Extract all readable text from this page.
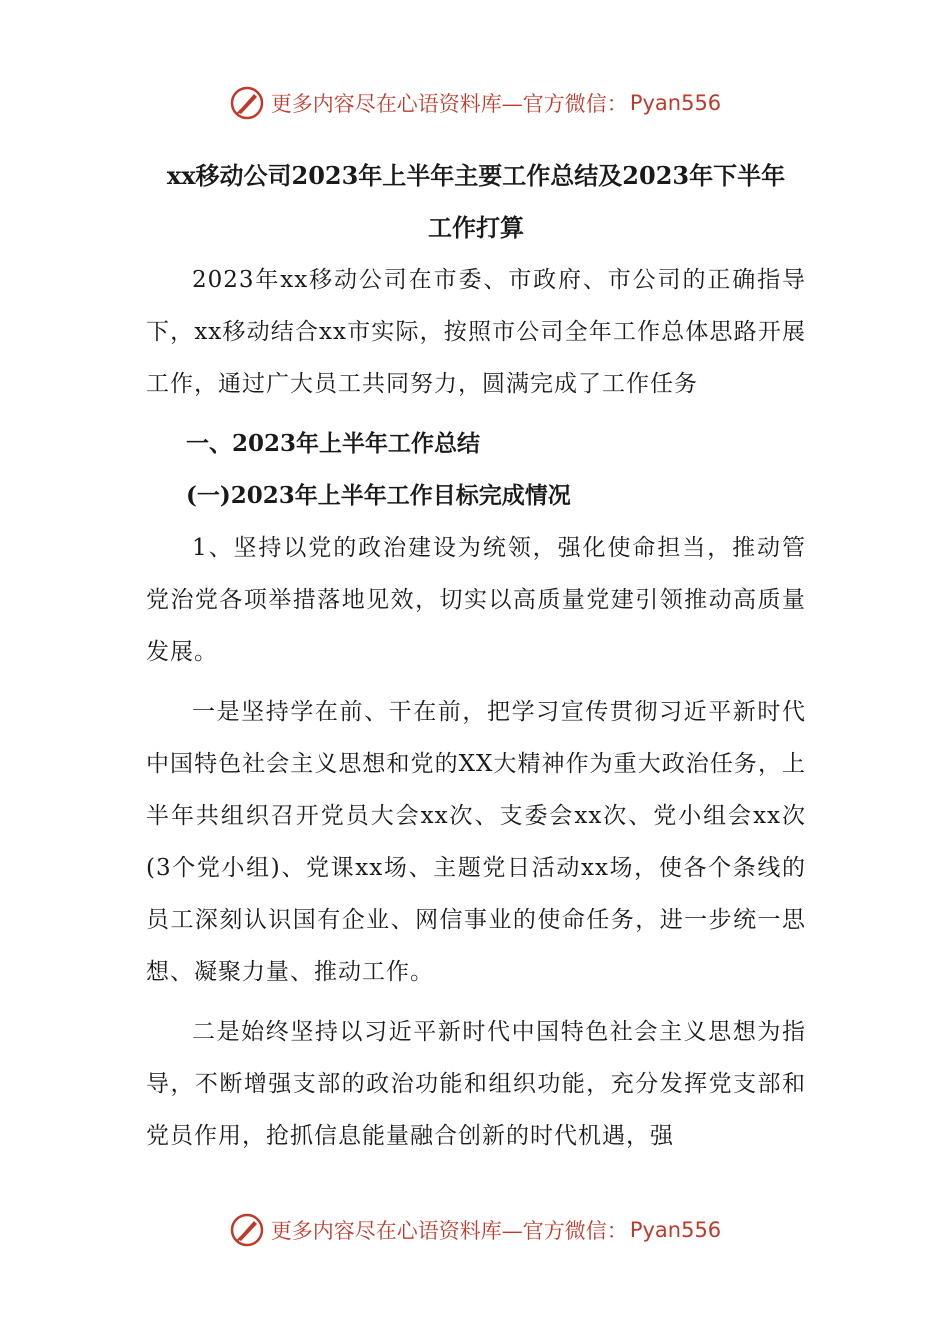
更多内容尽在心语资料库—官方微信： Pyan556

xx移动公司2023年上半年主要工作总结及2023年下半年

工作打算

2023年xx移动公司在市委、市政府、市公司的正确指导下，xx移动结合xx市实际，按照市公司全年工作总体思路开展工作，通过广大员工共同努力，圆满完成了工作任务

一、2023年上半年工作总结

(一)2023年上半年工作目标完成情况

1、坚持以党的政治建设为统领，强化使命担当，推动管党治党各项举措落地见效，切实以高质量党建引领推动高质量发展。

一是坚持学在前、干在前，把学习宣传贯彻习近平新时代中国特色社会主义思想和党的XX大精神作为重大政治任务，上半年共组织召开党员大会xx次、支委会xx次、党小组会xx次(3个党小组)、党课xx场、主题党日活动xx场，使各个条线的员工深刻认识国有企业、网信事业的使命任务，进一步统一思想、凝聚力量、推动工作。

二是始终坚持以习近平新时代中国特色社会主义思想为指导，不断增强支部的政治功能和组织功能，充分发挥党支部和党员作用，抢抓信息能量融合创新的时代机遇，强

更多内容尽在心语资料库—官方微信： Pyan556
